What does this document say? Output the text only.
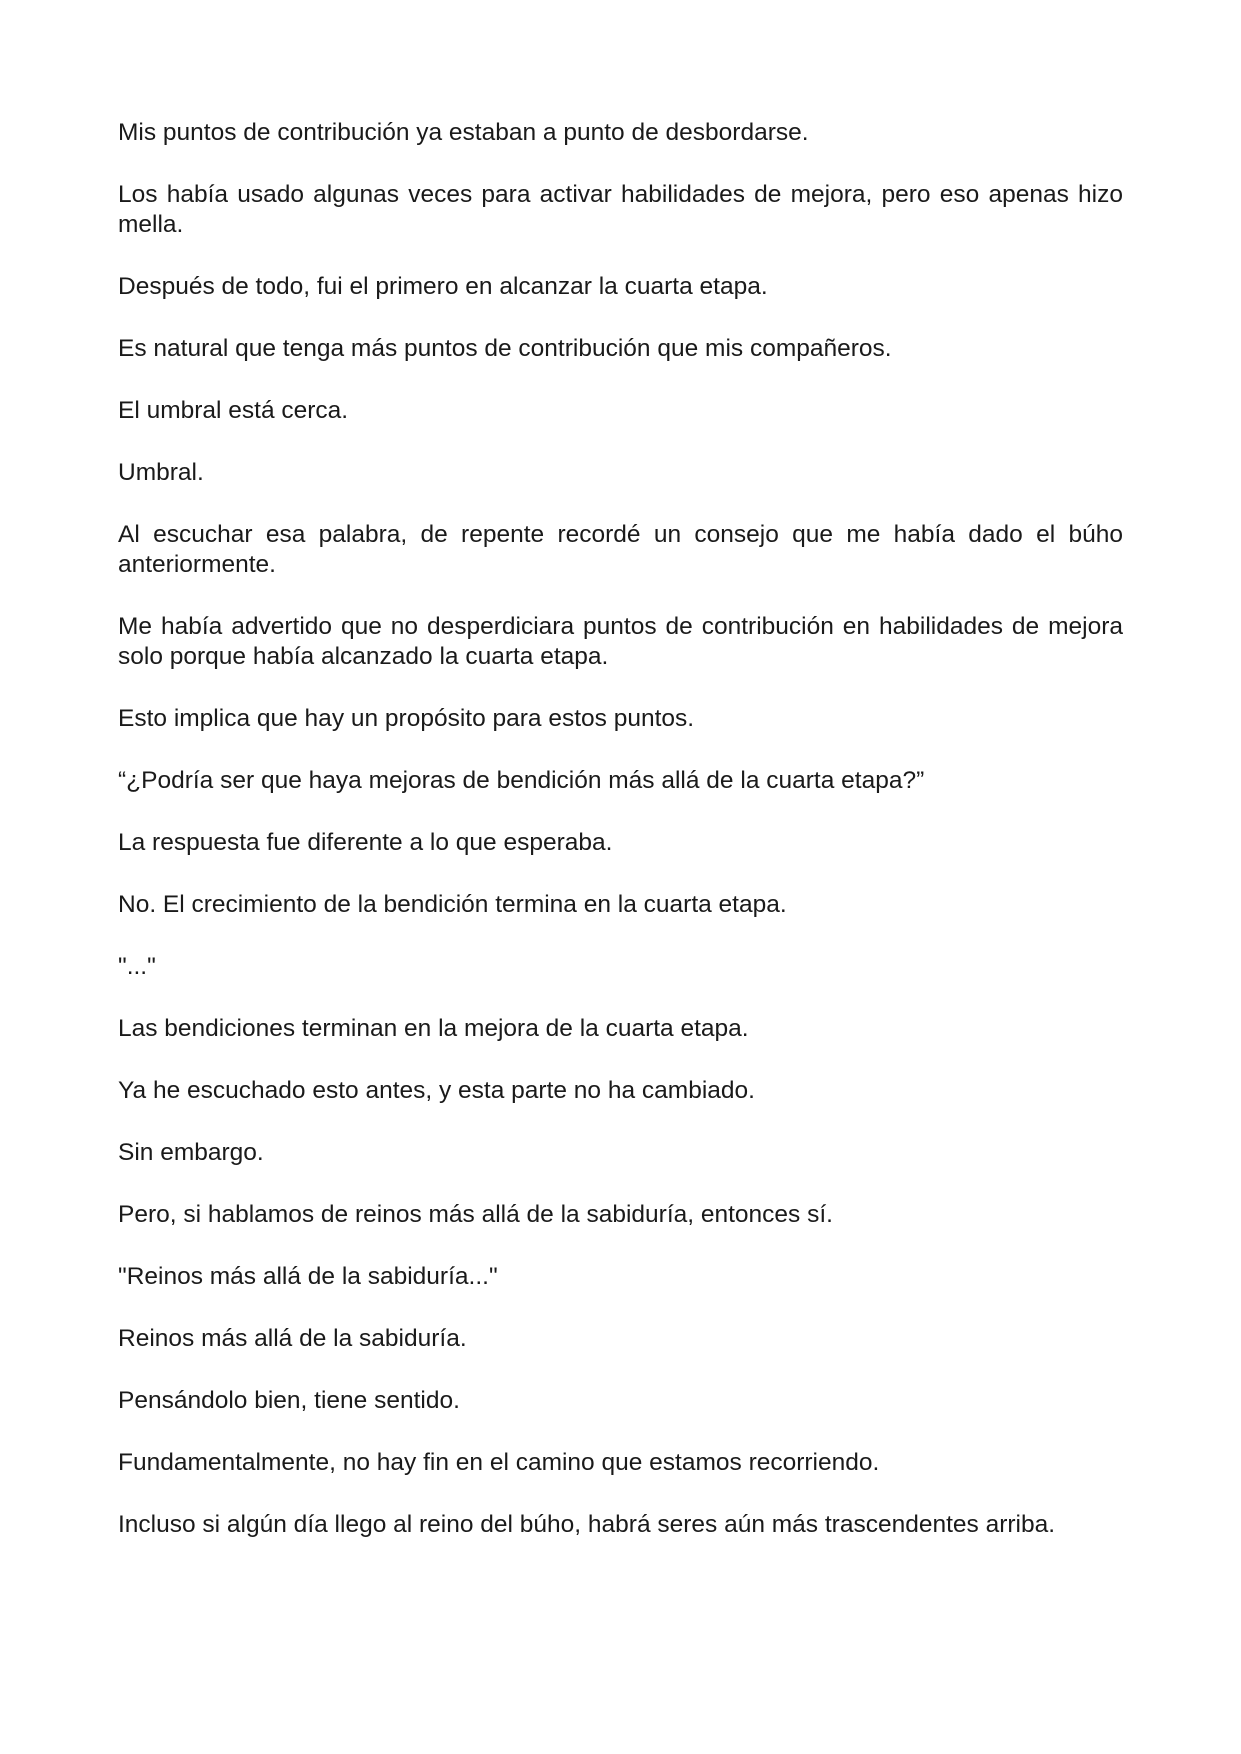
Mis puntos de contribución ya estaban a punto de desbordarse.

Los había usado algunas veces para activar habilidades de mejora, pero eso apenas hizo mella.

Después de todo, fui el primero en alcanzar la cuarta etapa.

Es natural que tenga más puntos de contribución que mis compañeros.

El umbral está cerca.

Umbral.

Al escuchar esa palabra, de repente recordé un consejo que me había dado el búho anteriormente.

Me había advertido que no desperdiciara puntos de contribución en habilidades de mejora solo porque había alcanzado la cuarta etapa.

Esto implica que hay un propósito para estos puntos.

“¿Podría ser que haya mejoras de bendición más allá de la cuarta etapa?”

La respuesta fue diferente a lo que esperaba.

No. El crecimiento de la bendición termina en la cuarta etapa.

"..."

Las bendiciones terminan en la mejora de la cuarta etapa.

Ya he escuchado esto antes, y esta parte no ha cambiado.

Sin embargo.

Pero, si hablamos de reinos más allá de la sabiduría, entonces sí.

"Reinos más allá de la sabiduría..."

Reinos más allá de la sabiduría.

Pensándolo bien, tiene sentido.

Fundamentalmente, no hay fin en el camino que estamos recorriendo.

Incluso si algún día llego al reino del búho, habrá seres aún más trascendentes arriba.
